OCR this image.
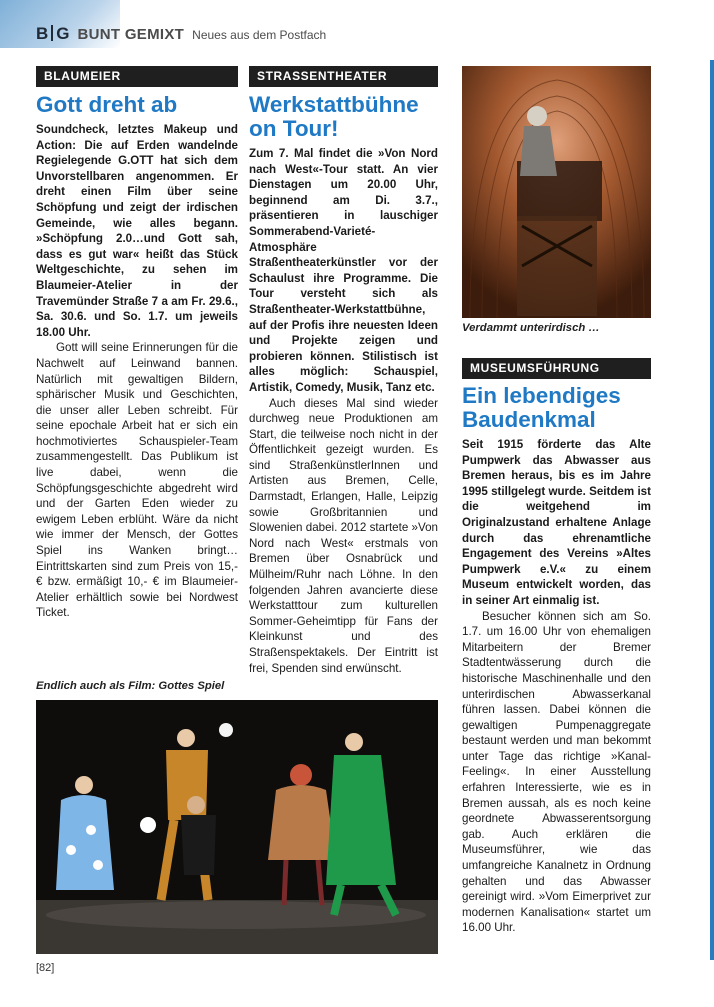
B G BUNT GEMIXT Neues aus dem Postfach
BLAUMEIER
Gott dreht ab

Soundcheck, letztes Makeup und Action: Die auf Erden wandelnde Regielegende G.OTT hat sich dem Unvorstellbaren angenommen. Er dreht einen Film über seine Schöpfung und zeigt der irdischen Gemeinde, wie alles begann. »Schöpfung 2.0…und Gott sah, dass es gut war« heißt das Stück Weltgeschichte, zu sehen im Blaumeier-Atelier in der Travemünder Straße 7 a am Fr. 29.6., Sa. 30.6. und So. 1.7. um jeweils 18.00 Uhr.

Gott will seine Erinnerungen für die Nachwelt auf Leinwand bannen. Natürlich mit gewaltigen Bildern, sphärischer Musik und Geschichten, die unser aller Leben schreibt. Für seine epochale Arbeit hat er sich ein hochmotiviertes Schauspieler-Team zusammengestellt. Das Publikum ist live dabei, wenn die Schöpfungsgeschichte abgedreht wird und der Garten Eden wieder zu ewigem Leben erblüht. Wäre da nicht wie immer der Mensch, der Gottes Spiel ins Wanken bringt… Eintrittskarten sind zum Preis von 15,- € bzw. ermäßigt 10,- € im Blaumeier-Atelier erhältlich sowie bei Nordwest Ticket.

STRASSENTHEATER
Werkstattbühne
on Tour!

Zum 7. Mal findet die »Von Nord nach West«-Tour statt. An vier Dienstagen um 20.00 Uhr, beginnend am Di. 3.7., präsentieren in lauschiger Sommerabend-Varieté-Atmosphäre Straßentheaterkünstler vor der Schaulust ihre Programme. Die Tour versteht sich als Straßentheater-Werkstattbühne, auf der Profis ihre neuesten Ideen und Projekte zeigen und probieren können. Stilistisch ist alles möglich: Schauspiel, Artistik, Comedy, Musik, Tanz etc.

Auch dieses Mal sind wieder durchweg neue Produktionen am Start, die teilweise noch nicht in der Öffentlichkeit gezeigt wurden. Es sind StraßenkünstlerInnen und Artisten aus Bremen, Celle, Darmstadt, Erlangen, Halle, Leipzig sowie Großbritannien und Slowenien dabei. 2012 startete »Von Nord nach West« erstmals von Bremen über Osnabrück und Mülheim/Ruhr nach Löhne. In den folgenden Jahren avancierte diese Werkstatttour zum kulturellen Sommer-Geheimtipp für Fans der Kleinkunst und des Straßenspektakels. Der Eintritt ist frei, Spenden sind erwünscht.

Verdammt unterirdisch …
MUSEUMSFÜHRUNG
Ein lebendiges
Baudenkmal

Seit 1915 förderte das Alte Pumpwerk das Abwasser aus Bremen heraus, bis es im Jahre 1995 stillgelegt wurde. Seitdem ist die weitgehend im Originalzustand erhaltene Anlage durch das ehrenamtliche Engagement des Vereins »Altes Pumpwerk e.V.« zu einem Museum entwickelt worden, das in seiner Art einmalig ist.

Besucher können sich am So. 1.7. um 16.00 Uhr von ehemaligen Mitarbeitern der Bremer Stadtentwässerung durch die historische Maschinenhalle und den unterirdischen Abwasserkanal führen lassen. Dabei können die gewaltigen Pumpenaggregate bestaunt werden und man bekommt unter Tage das richtige »Kanal-Feeling«. In einer Ausstellung erfahren Interessierte, wie es in Bremen aussah, als es noch keine geordnete Abwasserentsorgung gab. Auch erklären die Museumsführer, wie das umfangreiche Kanalnetz in Ordnung gehalten und das Abwasser gereinigt wird. »Vom Eimerprivet zur modernen Kanalisation« startet um 16.00 Uhr.

Endlich auch als Film: Gottes Spiel
[82]
